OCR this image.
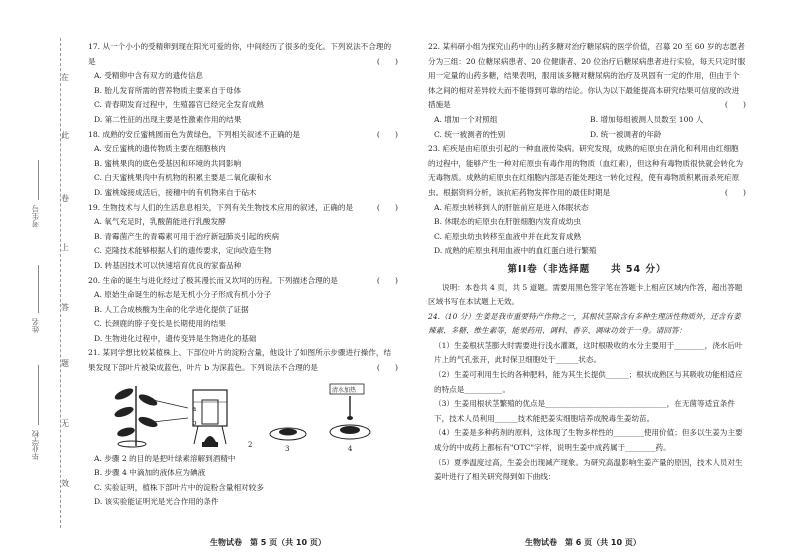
在
此
卷
上
答
题
无
效
考生号
姓名
毕业学校
17. 从一个小小的受精卵到现在阳光可爱的你，中间经历了很多的变化。下列说法不合理的是	(　　)
A. 受精卵中含有双方的遗传信息
B. 胎儿发育所需的营养物质主要来自于母体
C. 青春期发育过程中，生殖器官已经完全发育成熟
D. 第二性征的出现主要是性激素作用的结果
18. 成熟的安丘蜜桃圆而色为黄绿色，下列相关叙述不正确的是	(　　)
A. 安丘蜜桃的遗传物质主要在细胞核内
B. 蜜桃果肉的底色受基因和环境的共同影响
C. 白天蜜桃果肉中有机物的积累主要是二氧化碳和水
D. 蜜桃嫁接成活后，接穗中的有机物来自于砧木
19. 生物技术与人们的生活息息相关，下列有关生物技术应用的叙述，正确的是	(　　)
A. 氧气充足时，乳酸菌能进行乳酸发酵
B. 青霉菌产生的青霉素可用于治疗新冠肺炎引起的疾病
C. 克隆技术能够根据人们的遗传要求，定向改造生物
D. 转基因技术可以快速培育优良的家畜品种
20. 生命的诞生与进化经过了极其漫长而又坎坷的历程。下列描述合理的是	(　　)
A. 原始生命诞生的标志是无机小分子形成有机小分子
B. 人工合成核酸为生命的化学进化提供了证据
C. 长颈鹿的脖子变长是长期使用的结果
D. 生物进化过程中，遗传变异是生物进化的基础
21. 某同学想比较某植株上、下部位叶片的淀粉含量，他设计了如图所示步骤进行操作，结果发现下部叶片被染成蓝色，叶片 b 为深蓝色。下列说法不合理的是	(　　)
a
b
清水加热
1	2	3	4
A. 步骤 2 的目的是把叶绿素溶解到酒精中
B. 步骤 4 中滴加的液体应为碘液
C. 实验证明，植株下部叶片中的淀粉含量相对较多
D. 该实验能证明光是光合作用的条件
22. 某科研小组为探究山药中的山药多糖对治疗糖尿病的医学价值，召募 20 至 60 岁的志愿者分为三组：20 位糖尿病患者、20 位健康者、20 位治疗后糖尿病患者进行实验，每天只定时服用一定量的山药多糖，结果表明，服用该多糖对糖尿病的治疗及巩固有一定的作用，但由于个体之间的相对差异较大而不能得到可靠的结论。你认为以下最能提高本研究结果可信度的改进措施是	(　　)
A. 增加一个对照组	B. 增加每组被测人员数至 100 人
C. 统一被测者的性别	D. 统一被调者的年龄
23. 疟疾是由疟原虫引起的一种血液传染病。研究发现，成熟的疟原虫在消化和利用由红细胞的过程中，能够产生一种对疟原虫有毒作用的物质（血红素），但这种有毒物质很快就会转化为无毒物质。成熟的疟原虫在红细胞内部是否能处理这一转化过程，使有毒物质积累而杀死疟原虫。根据资料分析，该抗疟药物发挥作用的最佳时期是	(　　)
A. 疟原虫转移到人的肝脏前应是进入体眠状态
B. 休眠态的疟原虫在肝脏细胞内发育成幼虫
C. 疟原虫幼虫转移至血液中并在此发育成熟
D. 成熟的疟原虫利用血液中的血红蛋白进行繁殖
第II卷（非选择题　　共 54 分）
说明：本卷共 4 页，共 5 道题。需要用黑色签字笔在答题卡上相应区域内作答，超出答题区域书写在本试题上无效。
24.（10 分）生姜是我市重要特产作物之一，其根状茎除含有多种生理活性物质外，还含有姜辣素、多糖、维生素等，能果药用、调料、香辛、调味功效于一身。请回答：
（1）生姜根状茎膨大时需要进行浅水灌溉，这时根吸收的水分主要用于________，浇水后叶片上的气孔张开，此时保卫细胞处于______状态。
（2）生姜可利用生长的各种肥料，能为其生长提供______；根状成熟区与其吸收功能相适应的特点是__________。
（3）生姜用根状茎繁殖的优点是________________________________，在无菌等适宜条件下，技术人员利用______技术能把姜实细胞培养成脱毒生姜幼苗。
（4）生姜是多种药剂的原料，这体现了生物多样性的________使用价值；但多以生姜为主要成分的中成药上都标有"OTC"字样，说明生姜中成药属于________药。
（5）夏季温度过高，生姜会出现减产现象。为研究高温影响生姜产量的原因，技术人员对生姜叶进行了相关研究得到如下曲线：
生物试卷　第 5 页（共 10 页）	生物试卷　第 6 页（共 10 页）
